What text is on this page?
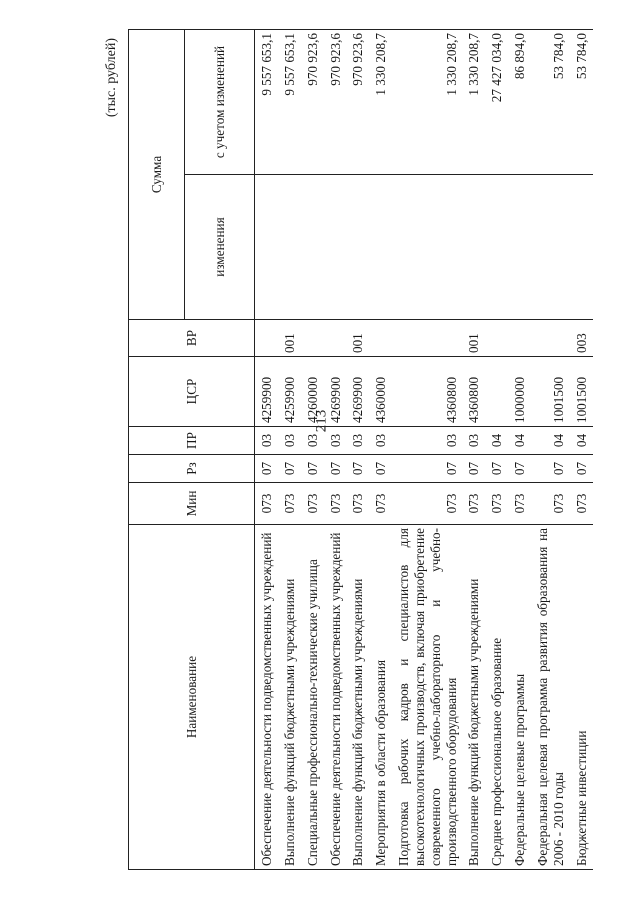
213
(тыс. рублей)
Наименование	Мин	Рз	ПР	ЦСР	ВР	Сумма	
						изменения	с учетом изменений
Обеспечение деятельности подведомственных учреждений	073	07	03	4259900			9 557 653,1
Выполнение функций бюджетными учреждениями	073	07	03	4259900	001		9 557 653,1
Специальные профессионально-технические училища	073	07	03	4260000			970 923,6
Обеспечение деятельности подведомственных учреждений	073	07	03	4269900			970 923,6
Выполнение функций бюджетными учреждениями	073	07	03	4269900	001		970 923,6
Мероприятия в области образования	073	07	03	4360000			1 330 208,7
Подготовка рабочих кадров и специалистов для высокотехнологичных производств, включая приобретение современного учебно-лабораторного и учебно-производственного оборудования	073	07	03	4360800			1 330 208,7
Выполнение функций бюджетными учреждениями	073	07	03	4360800	001		1 330 208,7
Среднее профессиональное образование	073	07	04				27 427 034,0
Федеральные целевые программы	073	07	04	1000000			86 894,0
Федеральная целевая программа развития образования на 2006 - 2010 годы	073	07	04	1001500			53 784,0
Бюджетные инвестиции	073	07	04	1001500	003		53 784,0
